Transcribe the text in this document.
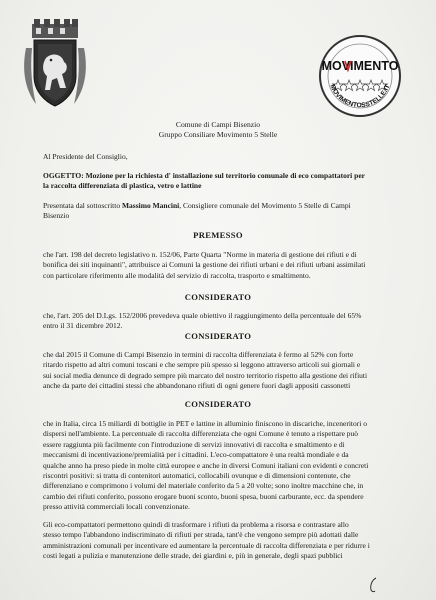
MOVIMENTO
MOVIMENTOSSTELLE.IT
Comune di Campi Bisenzio
Gruppo Consiliare Movimento 5 Stelle
Al Presidente del Consiglio,
OGGETTO: Mozione per la richiesta d' installazione sul territorio comunale di eco compattatori per
la raccolta differenziata di plastica, vetro e lattine
Presentata dal sottoscritto Massimo Mancini, Consigliere comunale del Movimento 5 Stelle di Campi
Bisenzio
PREMESSO
che l'art. 198 del decreto legislativo n. 152/06, Parte Quarta "Norme in materia di gestione dei rifiuti e di
bonifica dei siti inquinanti", attribuisce ai Comuni la gestione dei rifiuti urbani e dei rifiuti urbani assimilati
con particolare riferimento alle modalità del servizio di raccolta, trasporto e smaltimento.
CONSIDERATO
che, l'art. 205 del D.Lgs. 152/2006 prevedeva quale obiettivo il raggiungimento della percentuale del 65%
entro il 31 dicembre 2012.
CONSIDERATO
che dal 2015 il Comune di Campi Bisenzio in termini di raccolta differenziata è fermo al 52% con forte
ritardo rispetto ad altri comuni toscani e che sempre più spesso si leggono attraverso articoli sui giornali e
sui social media denunce di degrado sempre più marcato del nostro territorio rispetto alla gestione dei rifiuti
anche da parte dei cittadini stessi che abbandonano rifiuti di ogni genere fuori dagli appositi cassonetti
CONSIDERATO
che in Italia, circa 15 miliardi di bottiglie in PET e lattine in alluminio finiscono in discariche, inceneritori o
dispersi nell'ambiente. La percentuale di raccolta differenziata che ogni Comune è tenuto a rispettare può
essere raggiunta più facilmente con l'introduzione di servizi innovativi di raccolta e smaltimento e di
meccanismi di incentivazione/premialità per i cittadini. L'eco-compattatore è una realtà mondiale e da
qualche anno ha preso piede in molte città europee e anche in diversi Comuni italiani con evidenti e concreti
riscontri positivi: si tratta di contenitori automatici, collocabili ovunque e di dimensioni contenute, che
differenziano e comprimono i volumi del materiale conferito da 5 a 20 volte; sono inoltre macchine che, in
cambio dei rifiuti conferito, possono erogare buoni sconto, buoni spesa, buoni carburante, ecc. da spendere
presso attività commerciali locali convenzionate.
Gli eco-compattatori permettono quindi di trasformare i rifiuti da problema a risorsa e contrastare allo
stesso tempo l'abbandono indiscriminato di rifiuti per strada, tant'è che vengono sempre più adottati dalle
amministrazioni comunali per incentivare ed aumentare la percentuale di raccolta differenziata e per ridurre i
costi legati a pulizia e manutenzione delle strade, dei giardini e, più in generale, degli spazi pubblici
